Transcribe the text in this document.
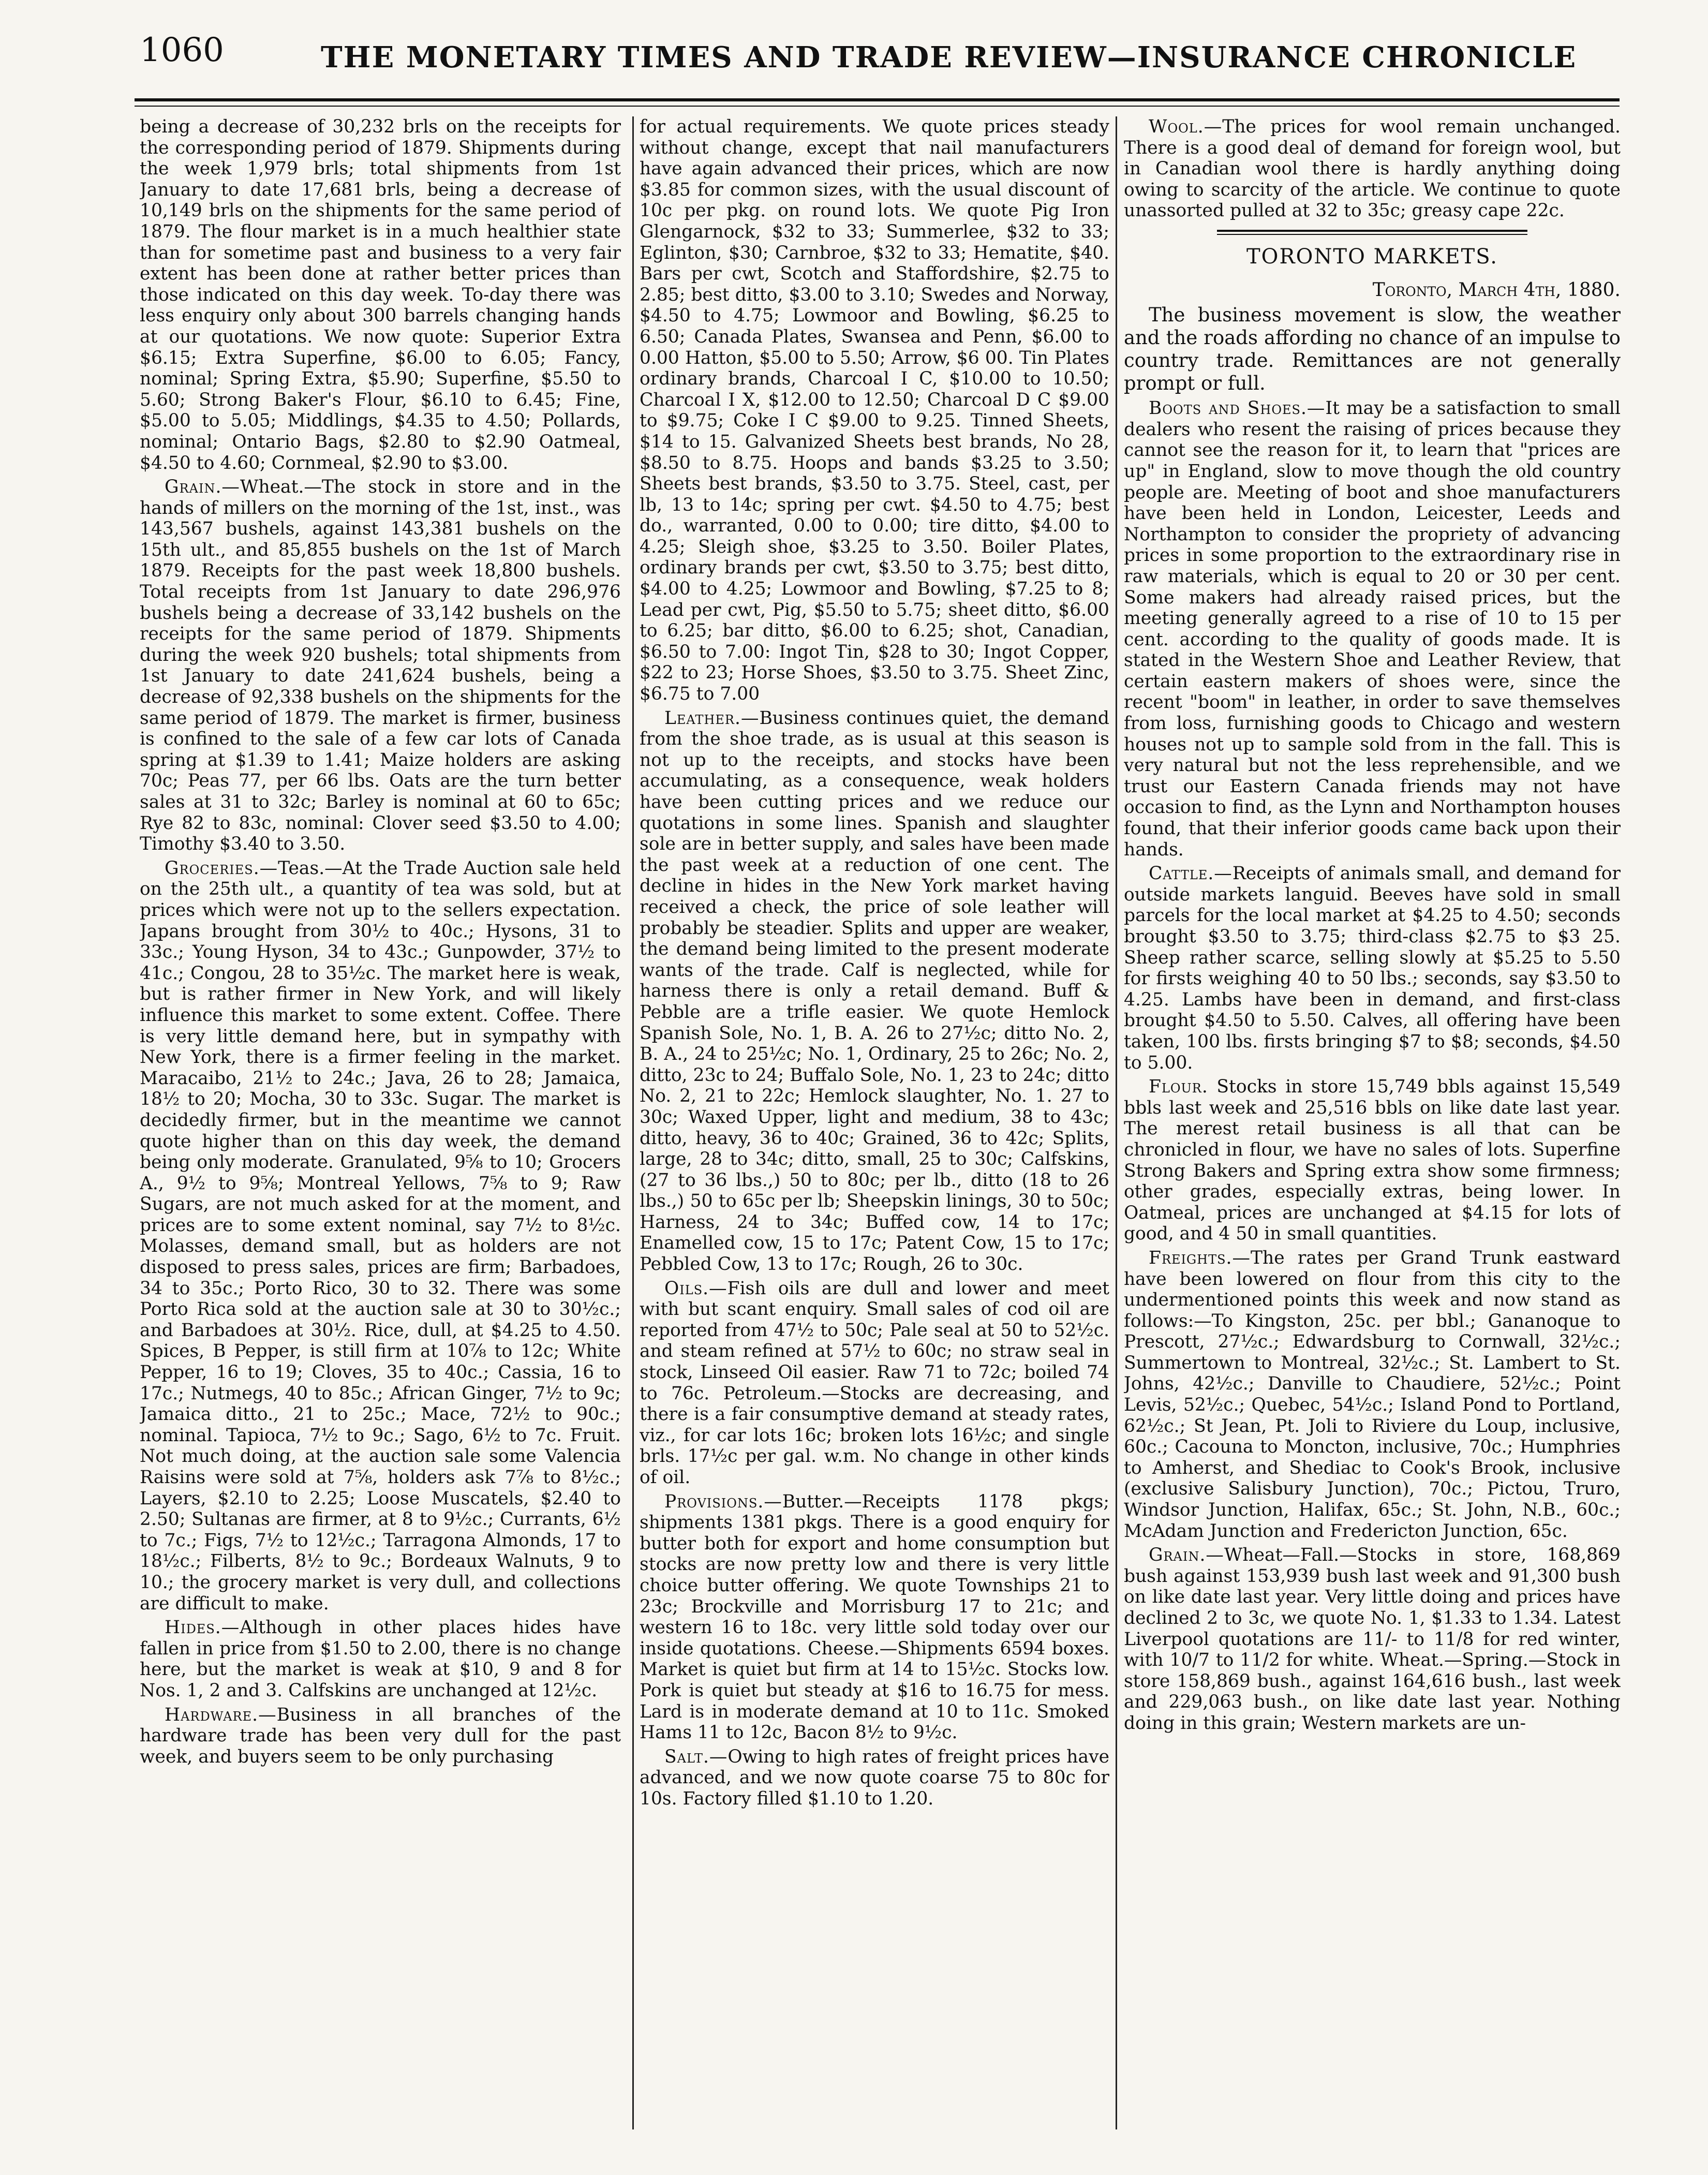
1060	THE MONETARY TIMES AND TRADE REVIEW—INSURANCE CHRONICLE

being a decrease of 30,232 brls on the receipts for the corresponding period of 1879. Shipments during the week 1,979 brls; total shipments from 1st January to date 17,681 brls, being a decrease of 10,149 brls on the shipments for the same period of 1879. The flour market is in a much healthier state than for sometime past and business to a very fair extent has been done at rather better prices than those indicated on this day week. To-day there was less enquiry only about 300 barrels changing hands at our quotations. We now quote: Superior Extra $6.15; Extra Superfine, $6.00 to 6.05; Fancy, nominal; Spring Extra, $5.90; Superfine, $5.50 to 5.60; Strong Baker's Flour, $6.10 to 6.45; Fine, $5.00 to 5.05; Middlings, $4.35 to 4.50; Pollards, nominal; Ontario Bags, $2.80 to $2.90 Oatmeal, $4.50 to 4.60; Cornmeal, $2.90 to $3.00.

Grain.—Wheat.—The stock in store and in the hands of millers on the morning of the 1st, inst., was 143,567 bushels, against 143,381 bushels on the 15th ult., and 85,855 bushels on the 1st of March 1879. Receipts for the past week 18,800 bushels. Total receipts from 1st January to date 296,976 bushels being a decrease of 33,142 bushels on the receipts for the same period of 1879. Shipments during the week 920 bushels; total shipments from 1st January to date 241,624 bushels, being a decrease of 92,338 bushels on the shipments for the same period of 1879. The market is firmer, business is confined to the sale of a few car lots of Canada spring at $1.39 to 1.41; Maize holders are asking 70c; Peas 77, per 66 lbs. Oats are the turn better sales at 31 to 32c; Barley is nominal at 60 to 65c; Rye 82 to 83c, nominal: Clover seed $3.50 to 4.00; Timothy $3.40 to 3.50.

Groceries.—Teas.—At the Trade Auction sale held on the 25th ult., a quantity of tea was sold, but at prices which were not up to the sellers expectation. Japans brought from 30½ to 40c.; Hysons, 31 to 33c.; Young Hyson, 34 to 43c.; Gunpowder, 37½ to 41c.; Congou, 28 to 35½c. The market here is weak, but is rather firmer in New York, and will likely influence this market to some extent. Coffee. There is very little demand here, but in sympathy with New York, there is a firmer feeling in the market. Maracaibo, 21½ to 24c.; Java, 26 to 28; Jamaica, 18½ to 20; Mocha, 30 to 33c. Sugar. The market is decidedly firmer, but in the meantime we cannot quote higher than on this day week, the demand being only moderate. Granulated, 9⅝ to 10; Grocers A., 9½ to 9⅝; Montreal Yellows, 7⅝ to 9; Raw Sugars, are not much asked for at the moment, and prices are to some extent nominal, say 7½ to 8½c. Molasses, demand small, but as holders are not disposed to press sales, prices are firm; Barbadoes, 34 to 35c.; Porto Rico, 30 to 32. There was some Porto Rica sold at the auction sale at 30 to 30½c.; and Barbadoes at 30½. Rice, dull, at $4.25 to 4.50. Spices, B Pepper, is still firm at 10⅞ to 12c; White Pepper, 16 to 19; Cloves, 35 to 40c.; Cassia, 16 to 17c.; Nutmegs, 40 to 85c.; African Ginger, 7½ to 9c; Jamaica ditto., 21 to 25c.; Mace, 72½ to 90c.; nominal. Tapioca, 7½ to 9c.; Sago, 6½ to 7c. Fruit. Not much doing, at the auction sale some Valencia Raisins were sold at 7⅝, holders ask 7⅞ to 8½c.; Layers, $2.10 to 2.25; Loose Muscatels, $2.40 to 2.50; Sultanas are firmer, at 8 to 9½c.; Currants, 6½ to 7c.; Figs, 7½ to 12½c.; Tarragona Almonds, 17 to 18½c.; Filberts, 8½ to 9c.; Bordeaux Walnuts, 9 to 10.; the grocery market is very dull, and collections are difficult to make.

Hides.—Although in other places hides have fallen in price from $1.50 to 2.00, there is no change here, but the market is weak at $10, 9 and 8 for Nos. 1, 2 and 3. Calfskins are unchanged at 12½c.

Hardware.—Business in all branches of the hardware trade has been very dull for the past week, and buyers seem to be only purchasing

for actual requirements. We quote prices steady without change, except that nail manufacturers have again advanced their prices, which are now $3.85 for common sizes, with the usual discount of 10c per pkg. on round lots. We quote Pig Iron Glengarnock, $32 to 33; Summerlee, $32 to 33; Eglinton, $30; Carnbroe, $32 to 33; Hematite, $40. Bars per cwt, Scotch and Staffordshire, $2.75 to 2.85; best ditto, $3.00 to 3.10; Swedes and Norway, $4.50 to 4.75; Lowmoor and Bowling, $6.25 to 6.50; Canada Plates, Swansea and Penn, $6.00 to 0.00 Hatton, $5.00 to 5.50; Arrow, $6 00. Tin Plates ordinary brands, Charcoal I C, $10.00 to 10.50; Charcoal I X, $12.00 to 12.50; Charcoal D C $9.00 to $9.75; Coke I C $9.00 to 9.25. Tinned Sheets, $14 to 15. Galvanized Sheets best brands, No 28, $8.50 to 8.75. Hoops and bands $3.25 to 3.50; Sheets best brands, $3.50 to 3.75. Steel, cast, per lb, 13 to 14c; spring per cwt. $4.50 to 4.75; best do., warranted, 0.00 to 0.00; tire ditto, $4.00 to 4.25; Sleigh shoe, $3.25 to 3.50. Boiler Plates, ordinary brands per cwt, $3.50 to 3.75; best ditto, $4.00 to 4.25; Lowmoor and Bowling, $7.25 to 8; Lead per cwt, Pig, $5.50 to 5.75; sheet ditto, $6.00 to 6.25; bar ditto, $6.00 to 6.25; shot, Canadian, $6.50 to 7.00: Ingot Tin, $28 to 30; Ingot Copper, $22 to 23; Horse Shoes, $3.50 to 3.75. Sheet Zinc, $6.75 to 7.00

Leather.—Business continues quiet, the demand from the shoe trade, as is usual at this season is not up to the receipts, and stocks have been accumulating, as a consequence, weak holders have been cutting prices and we reduce our quotations in some lines. Spanish and slaughter sole are in better supply, and sales have been made the past week at a reduction of one cent. The decline in hides in the New York market having received a check, the price of sole leather will probably be steadier. Splits and upper are weaker, the demand being limited to the present moderate wants of the trade. Calf is neglected, while for harness there is only a retail demand. Buff & Pebble are a trifle easier. We quote Hemlock Spanish Sole, No. 1, B. A. 26 to 27½c; ditto No. 2, B. A., 24 to 25½c; No. 1, Ordinary, 25 to 26c; No. 2, ditto, 23c to 24; Buffalo Sole, No. 1, 23 to 24c; ditto No. 2, 21 to 22c; Hemlock slaughter, No. 1. 27 to 30c; Waxed Upper, light and medium, 38 to 43c; ditto, heavy, 36 to 40c; Grained, 36 to 42c; Splits, large, 28 to 34c; ditto, small, 25 to 30c; Calfskins, (27 to 36 lbs.,) 50 to 80c; per lb., ditto (18 to 26 lbs.,) 50 to 65c per lb; Sheepskin linings, 30 to 50c; Harness, 24 to 34c; Buffed cow, 14 to 17c; Enamelled cow, 15 to 17c; Patent Cow, 15 to 17c; Pebbled Cow, 13 to 17c; Rough, 26 to 30c.

Oils.—Fish oils are dull and lower and meet with but scant enquiry. Small sales of cod oil are reported from 47½ to 50c; Pale seal at 50 to 52½c. and steam refined at 57½ to 60c; no straw seal in stock, Linseed Oil easier. Raw 71 to 72c; boiled 74 to 76c. Petroleum.—Stocks are decreasing, and there is a fair consumptive demand at steady rates, viz., for car lots 16c; broken lots 16½c; and single brls. 17½c per gal. w.m. No change in other kinds of oil.

Provisions.—Butter.—Receipts 1178 pkgs; shipments 1381 pkgs. There is a good enquiry for butter both for export and home consumption but stocks are now pretty low and there is very little choice butter offering. We quote Townships 21 to 23c; Brockville and Morrisburg 17 to 21c; and western 16 to 18c. very little sold today over our inside quotations. Cheese.—Shipments 6594 boxes. Market is quiet but firm at 14 to 15½c. Stocks low. Pork is quiet but steady at $16 to 16.75 for mess. Lard is in moderate demand at 10 to 11c. Smoked Hams 11 to 12c, Bacon 8½ to 9½c.

Salt.—Owing to high rates of freight prices have advanced, and we now quote coarse 75 to 80c for 10s. Factory filled $1.10 to 1.20.

Wool.—The prices for wool remain unchanged. There is a good deal of demand for foreign wool, but in Canadian wool there is hardly anything doing owing to scarcity of the article. We continue to quote unassorted pulled at 32 to 35c; greasy cape 22c.

TORONTO MARKETS.
Toronto, March 4th, 1880.

The business movement is slow, the weather and the roads affording no chance of an impulse to country trade. Remittances are not generally prompt or full.

Boots and Shoes.—It may be a satisfaction to small dealers who resent the raising of prices because they cannot see the reason for it, to learn that "prices are up" in England, slow to move though the old country people are. Meeting of boot and shoe manufacturers have been held in London, Leicester, Leeds and Northampton to consider the propriety of advancing prices in some proportion to the extraordinary rise in raw materials, which is equal to 20 or 30 per cent. Some makers had already raised prices, but the meeting generally agreed to a rise of 10 to 15 per cent. according to the quality of goods made. It is stated in the Western Shoe and Leather Review, that certain eastern makers of shoes were, since the recent "boom" in leather, in order to save themselves from loss, furnishing goods to Chicago and western houses not up to sample sold from in the fall. This is very natural but not the less reprehensible, and we trust our Eastern Canada friends may not have occasion to find, as the Lynn and Northampton houses found, that their inferior goods came back upon their hands.

Cattle.—Receipts of animals small, and demand for outside markets languid. Beeves have sold in small parcels for the local market at $4.25 to 4.50; seconds brought $3.50 to 3.75; third-class $2.75 to $3 25. Sheep rather scarce, selling slowly at $5.25 to 5.50 for firsts weighing 40 to 50 lbs.; seconds, say $3.50 to 4.25. Lambs have been in demand, and first-class brought $4.50 to 5.50. Calves, all offering have been taken, 100 lbs. firsts bringing $7 to $8; seconds, $4.50 to 5.00.

Flour. Stocks in store 15,749 bbls against 15,549 bbls last week and 25,516 bbls on like date last year. The merest retail business is all that can be chronicled in flour, we have no sales of lots. Superfine Strong Bakers and Spring extra show some firmness; other grades, especially extras, being lower. In Oatmeal, prices are unchanged at $4.15 for lots of good, and 4 50 in small quantities.

Freights.—The rates per Grand Trunk eastward have been lowered on flour from this city to the undermentioned points this week and now stand as follows:—To Kingston, 25c. per bbl.; Gananoque to Prescott, 27½c.; Edwardsburg to Cornwall, 32½c.; Summertown to Montreal, 32½c.; St. Lambert to St. Johns, 42½c.; Danville to Chaudiere, 52½c.; Point Levis, 52½c.; Quebec, 54½c.; Island Pond to Portland, 62½c.; St Jean, Pt. Joli to Riviere du Loup, inclusive, 60c.; Cacouna to Moncton, inclusive, 70c.; Humphries to Amherst, and Shediac to Cook's Brook, inclusive (exclusive Salisbury Junction), 70c.; Pictou, Truro, Windsor Junction, Halifax, 65c.; St. John, N.B., 60c.; McAdam Junction and Fredericton Junction, 65c.

Grain.—Wheat—Fall.—Stocks in store, 168,869 bush against 153,939 bush last week and 91,300 bush on like date last year. Very little doing and prices have declined 2 to 3c, we quote No. 1, $1.33 to 1.34. Latest Liverpool quotations are 11/- to 11/8 for red winter, with 10/7 to 11/2 for white. Wheat.—Spring.—Stock in store 158,869 bush., against 164,616 bush., last week and 229,063 bush., on like date last year. Nothing doing in this grain; Western markets are un-
